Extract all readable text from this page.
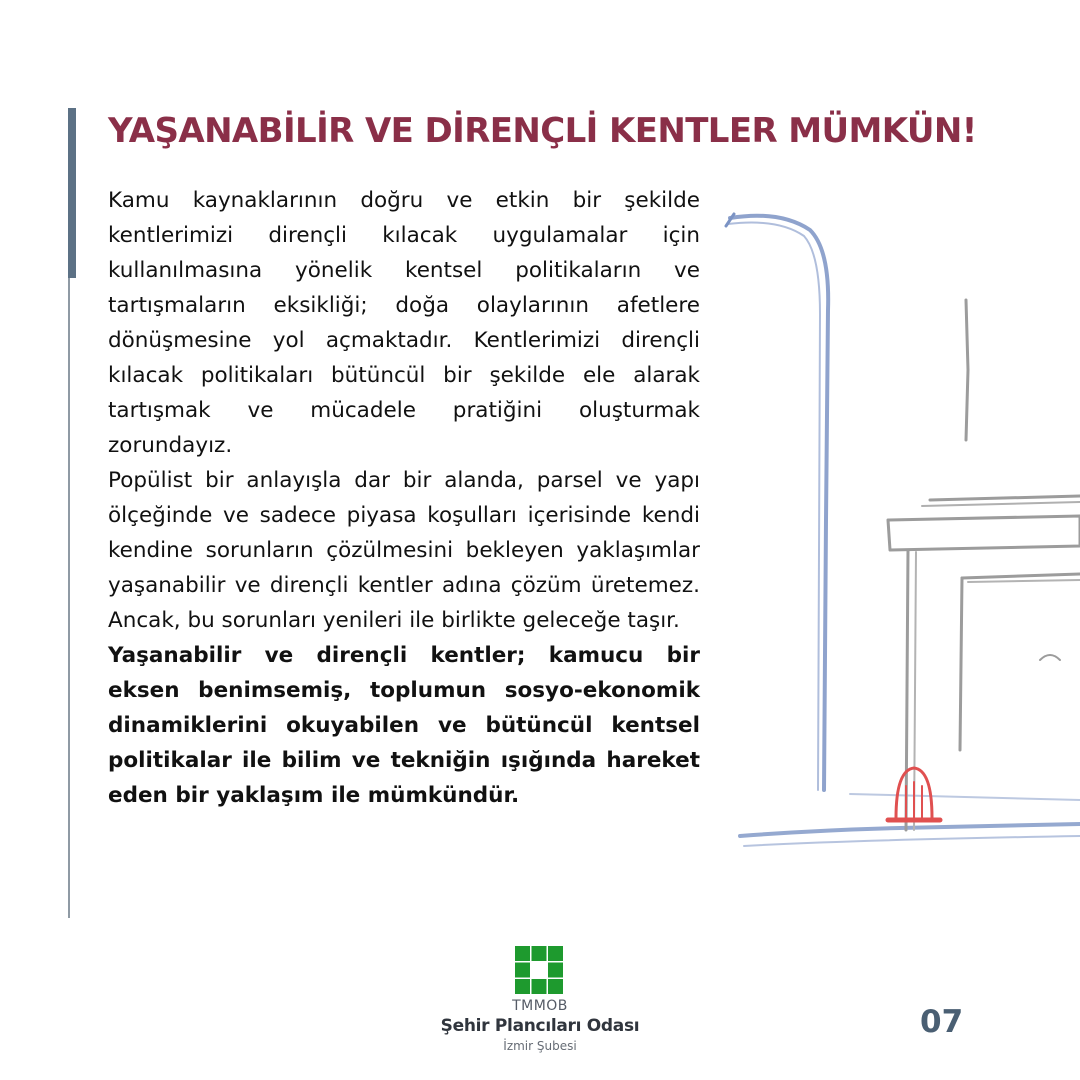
YAŞANABİLİR VE DİRENÇLİ KENTLER MÜMKÜN!

Kamu kaynaklarının doğru ve etkin bir şekilde kentlerimizi dirençli kılacak uygulamalar için kullanılmasına yönelik kentsel politikaların ve tartışmaların eksikliği; doğa olaylarının afetlere dönüşmesine yol açmaktadır. Kentlerimizi dirençli kılacak politikaları bütüncül bir şekilde ele alarak tartışmak ve mücadele pratiğini oluşturmak zorundayız.

Popülist bir anlayışla dar bir alanda, parsel ve yapı ölçeğinde ve sadece piyasa koşulları içerisinde kendi kendine sorunların çözülmesini bekleyen yaklaşımlar yaşanabilir ve dirençli kentler adına çözüm üretemez. Ancak, bu sorunları yenileri ile birlikte geleceğe taşır.

Yaşanabilir ve dirençli kentler; kamucu bir eksen benimsemiş, toplumun sosyo-ekonomik dinamiklerini okuyabilen ve bütüncül kentsel politikalar ile bilim ve tekniğin ışığında hareket eden bir yaklaşım ile mümkündür.

TMMOB
Şehir Plancıları Odası
İzmir Şubesi
07
